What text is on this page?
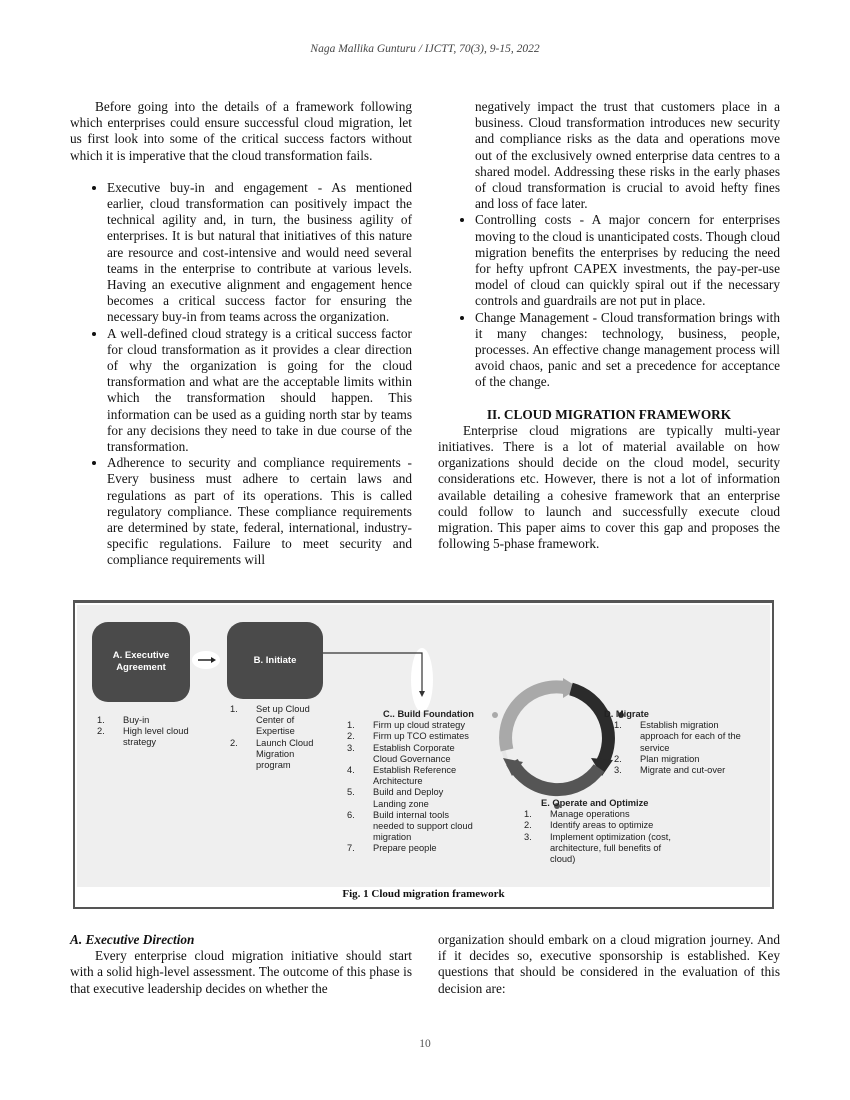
Naga Mallika Gunturu / IJCTT, 70(3), 9-15, 2022

Before going into the details of a framework following which enterprises could ensure successful cloud migration, let us first look into some of the critical success factors without which it is imperative that the cloud transformation fails.

• Executive buy-in and engagement - As mentioned earlier, cloud transformation can positively impact the technical agility and, in turn, the business agility of enterprises. It is but natural that initiatives of this nature are resource and cost-intensive and would need several teams in the enterprise to contribute at various levels. Having an executive alignment and engagement hence becomes a critical success factor for ensuring the necessary buy-in from teams across the organization.
• A well-defined cloud strategy is a critical success factor for cloud transformation as it provides a clear direction of why the organization is going for the cloud transformation and what are the acceptable limits within which the transformation should happen. This information can be used as a guiding north star by teams for any decisions they need to take in due course of the transformation.
• Adherence to security and compliance requirements - Every business must adhere to certain laws and regulations as part of its operations. This is called regulatory compliance. These compliance requirements are determined by state, federal, international, industry-specific regulations. Failure to meet security and compliance requirements will

negatively impact the trust that customers place in a business. Cloud transformation introduces new security and compliance risks as the data and operations move out of the exclusively owned enterprise data centres to a shared model. Addressing these risks in the early phases of cloud transformation is crucial to avoid hefty fines and loss of face later.

• Controlling costs - A major concern for enterprises moving to the cloud is unanticipated costs. Though cloud migration benefits the enterprises by reducing the need for hefty upfront CAPEX investments, the pay-per-use model of cloud can quickly spiral out if the necessary controls and guardrails are not put in place.
• Change Management - Cloud transformation brings with it many changes: technology, business, people, processes. An effective change management process will avoid chaos, panic and set a precedence for acceptance of the change.
II. CLOUD MIGRATION FRAMEWORK

Enterprise cloud migrations are typically multi-year initiatives. There is a lot of material available on how organizations should decide on the cloud model, security considerations etc. However, there is not a lot of information available detailing a cohesive framework that an enterprise could follow to launch and successfully execute cloud migration. This paper aims to cover this gap and proposes the following 5-phase framework.

A. Executive Agreement
B. Initiate
1.	Buy-in
2.	High level cloud strategy
1.	Set up Cloud Center of Expertise
2.	Launch Cloud Migration program
C.. Build Foundation
1.	Firm up cloud strategy
2.	Firm up TCO estimates
3.	Establish Corporate Cloud Governance
4.	Establish Reference Architecture
5.	Build and Deploy Landing zone
6.	Build internal tools needed to support cloud migration
7.	Prepare people
D. Migrate
1.	Establish migration approach for each of the service
2.	Plan migration
3.	Migrate and cut-over
E. Operate and Optimize
1.	Manage operations
2.	Identify areas to optimize
3.	Implement optimization (cost, architecture, full benefits of cloud)
Fig. 1 Cloud migration framework
A. Executive Direction

Every enterprise cloud migration initiative should start with a solid high-level assessment. The outcome of this phase is that executive leadership decides on whether the

organization should embark on a cloud migration journey. And if it decides so, executive sponsorship is established. Key questions that should be considered in the evaluation of this decision are:

10
